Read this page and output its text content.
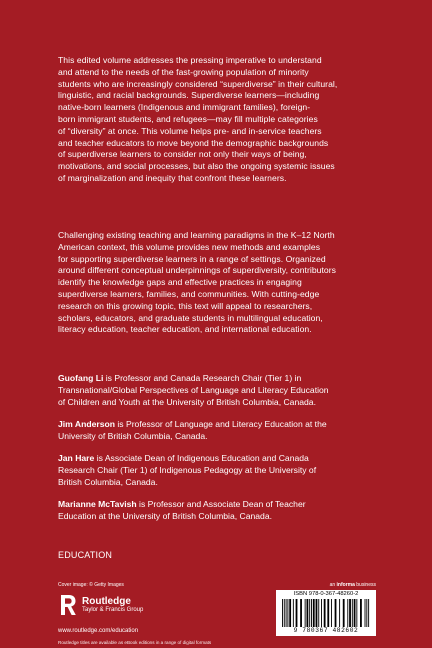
This edited volume addresses the pressing imperative to understand
and attend to the needs of the fast-growing population of minority
students who are increasingly considered “superdiverse” in their cultural,
linguistic, and racial backgrounds. Superdiverse learners—including
native-born learners (Indigenous and immigrant families), foreign-
born immigrant students, and refugees—may fill multiple categories
of “diversity” at once. This volume helps pre- and in-service teachers
and teacher educators to move beyond the demographic backgrounds
of superdiverse learners to consider not only their ways of being,
motivations, and social processes, but also the ongoing systemic issues
of marginalization and inequity that confront these learners.
Challenging existing teaching and learning paradigms in the K–12 North
American context, this volume provides new methods and examples
for supporting superdiverse learners in a range of settings. Organized
around different conceptual underpinnings of superdiversity, contributors
identify the knowledge gaps and effective practices in engaging
superdiverse learners, families, and communities. With cutting-edge
research on this growing topic, this text will appeal to researchers,
scholars, educators, and graduate students in multilingual education,
literacy education, teacher education, and international education.
Guofang Li is Professor and Canada Research Chair (Tier 1) in
Transnational/Global Perspectives of Language and Literacy Education
of Children and Youth at the University of British Columbia, Canada.
Jim Anderson is Professor of Language and Literacy Education at the
University of British Columbia, Canada.
Jan Hare is Associate Dean of Indigenous Education and Canada
Research Chair (Tier 1) of Indigenous Pedagogy at the University of
British Columbia, Canada.
Marianne McTavish is Professor and Associate Dean of Teacher
Education at the University of British Columbia, Canada.

EDUCATION

Cover image: © Getty Images	an informa business

Routledge
Taylor & Francis Group

www.routledge.com/education

Routledge titles are available as eBook editions in a range of digital formats

ISBN 978-0-367-48260-2

9 780367 482602
